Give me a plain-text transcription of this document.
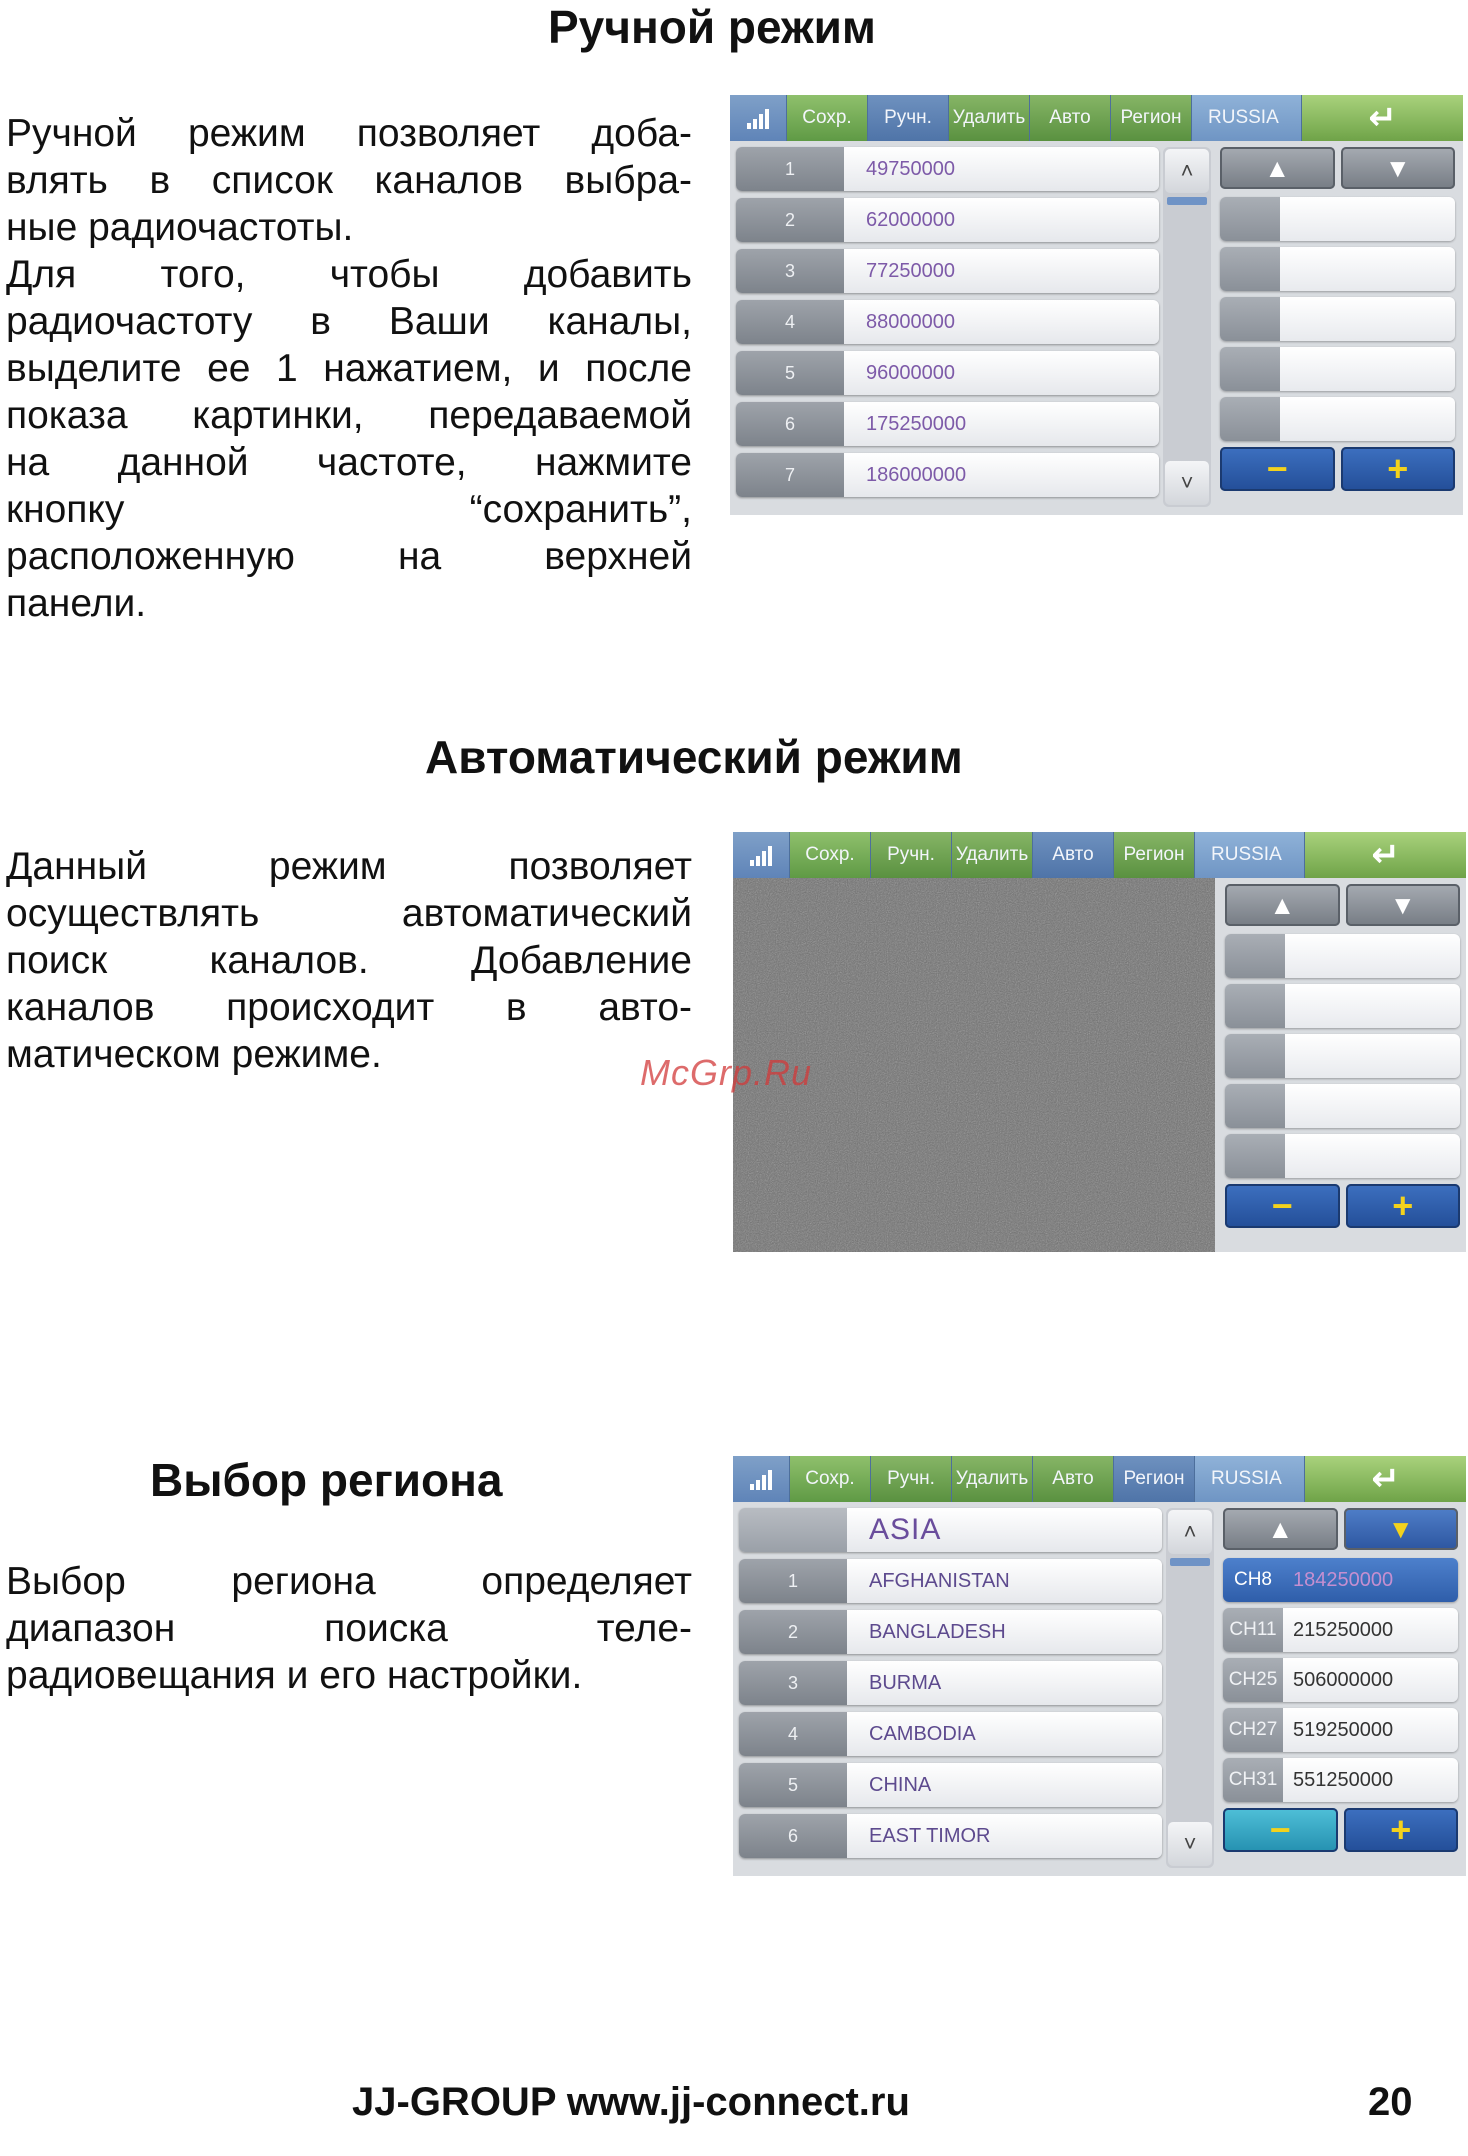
Ручной режим
Ручной режим позволяет доба-
влять в список каналов выбра-
ные радиочастоты.
Для того, чтобы добавить
радиочастоту в Ваши каналы,
выделите ее 1 нажатием, и после
показа картинки, передаваемой
на данной частоте, нажмите
кнопку “сохранить”,
расположенную на верхней
панели.
Сохр.	Ручн.	Удалить	Авто	Регион	RUSSIA	↵
1	49750000
2	62000000
3	77250000
4	88000000
5	96000000
6	175250000
7	186000000
˄
˅
▲	▼
−	+
Автоматический режим
Данный режим позволяет
осуществлять автоматический
поиск каналов. Добавление
каналов происходит в авто-
матическом режиме.
Сохр.	Ручн.	Удалить	Авто	Регион	RUSSIA	↵
▲	▼
−	+
McGrp.Ru
Выбор региона
Выбор региона определяет
диапазон поиска теле-
радиовещания и его настройки.
Сохр.	Ручн.	Удалить	Авто	Регион	RUSSIA	↵
ASIA
1	AFGHANISTAN
2	BANGLADESH
3	BURMA
4	CAMBODIA
5	CHINA
6	EAST TIMOR
˄
˅
▲	▼
CH8	184250000
CH11 215250000
CH25 506000000
CH27 519250000
CH31 551250000
−	+
JJ-GROUP www.jj-connect.ru	20
